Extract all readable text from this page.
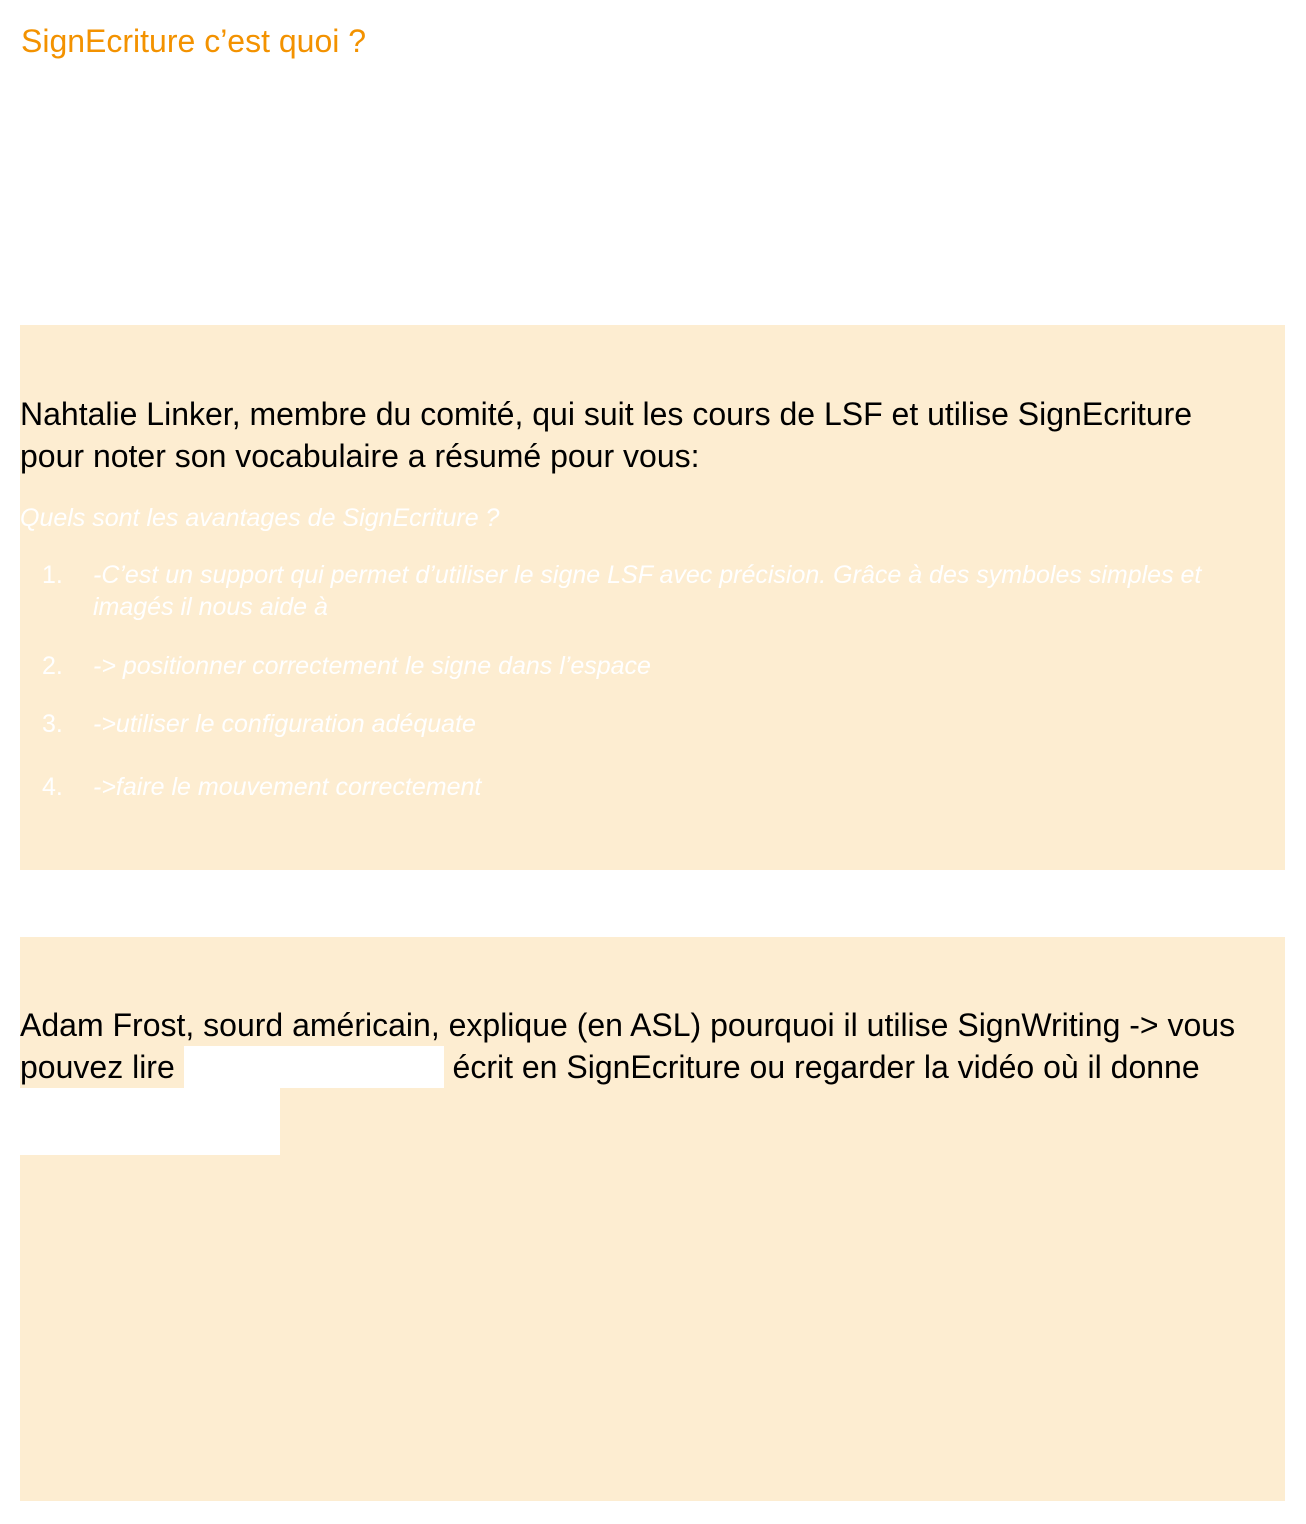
SignEcriture c’est quoi ?

Nahtalie Linker, membre du comité, qui suit les cours de LSF et utilise SignEcriture pour noter son vocabulaire a résumé pour vous:

Quels sont les avantages de SignEcriture ?

1. -C’est un support qui permet d’utiliser le signe LSF avec précision. Grâce à des symboles simples et imagés il nous aide à
2. -> positionner correctement le signe dans l’espace
3. ->utiliser le configuration adéquate
4. ->faire le mouvement correctement

Adam Frost, sourd américain, explique (en ASL) pourquoi il utilise SignWriting -> vous pouvez lire	écrit en SignEcriture ou regarder la vidéo où il donne
